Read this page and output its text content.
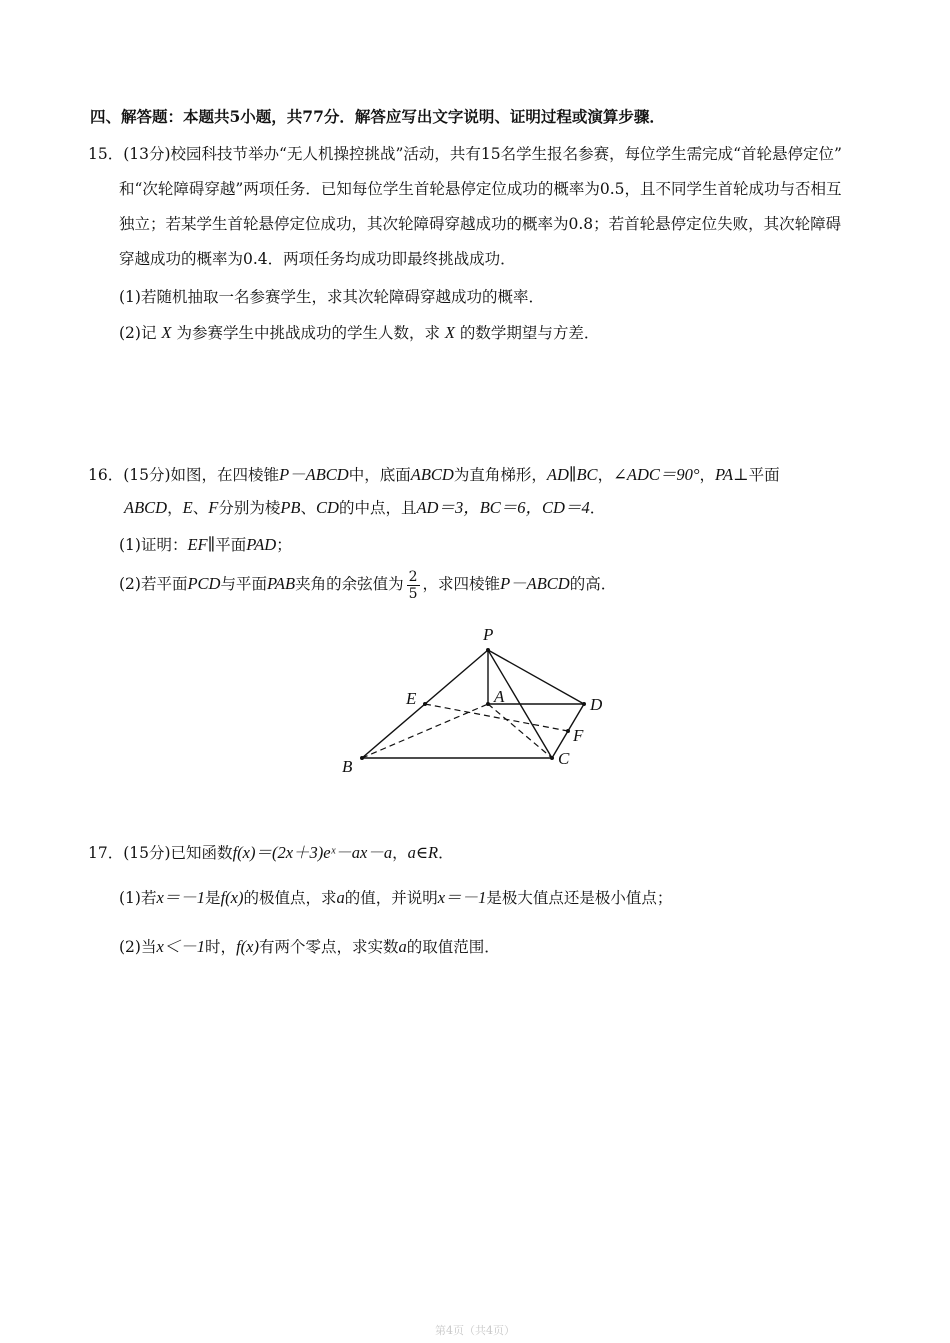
四、解答题：本题共5小题，共77分．解答应写出文字说明、证明过程或演算步骤．
15．(13分)校园科技节举办“无人机操控挑战”活动，共有15名学生报名参赛，每位学生需完成“首轮悬停定位”
和“次轮障碍穿越”两项任务．已知每位学生首轮悬停定位成功的概率为0.5，且不同学生首轮成功与否相互
独立；若某学生首轮悬停定位成功，其次轮障碍穿越成功的概率为0.8；若首轮悬停定位失败，其次轮障碍
穿越成功的概率为0.4．两项任务均成功即最终挑战成功．
(1)若随机抽取一名参赛学生，求其次轮障碍穿越成功的概率．
(2)记 X 为参赛学生中挑战成功的学生人数，求 X 的数学期望与方差．
16．(15分)如图，在四棱锥P－ABCD中，底面ABCD为直角梯形，AD∥BC，∠ADC＝90°，PA⊥平面
ABCD，E、F分别为棱PB、CD的中点，且AD＝3，BC＝6，CD＝4．
(1)证明：EF∥平面PAD；
(2)若平面PCD与平面PAB夹角的余弦值为 $\frac{2}{5}$ ，求四棱锥P－ABCD的高．
P
A	D
E
F
B	C
17．(15分)已知函数f(x)＝(2x＋3)eˣ－ax－a，a∈R．
(1)若x＝－1是f(x)的极值点，求a的值，并说明x＝－1是极大值点还是极小值点；
(2)当x＜－1时，f(x)有两个零点，求实数a的取值范围．
第4页（共4页）
